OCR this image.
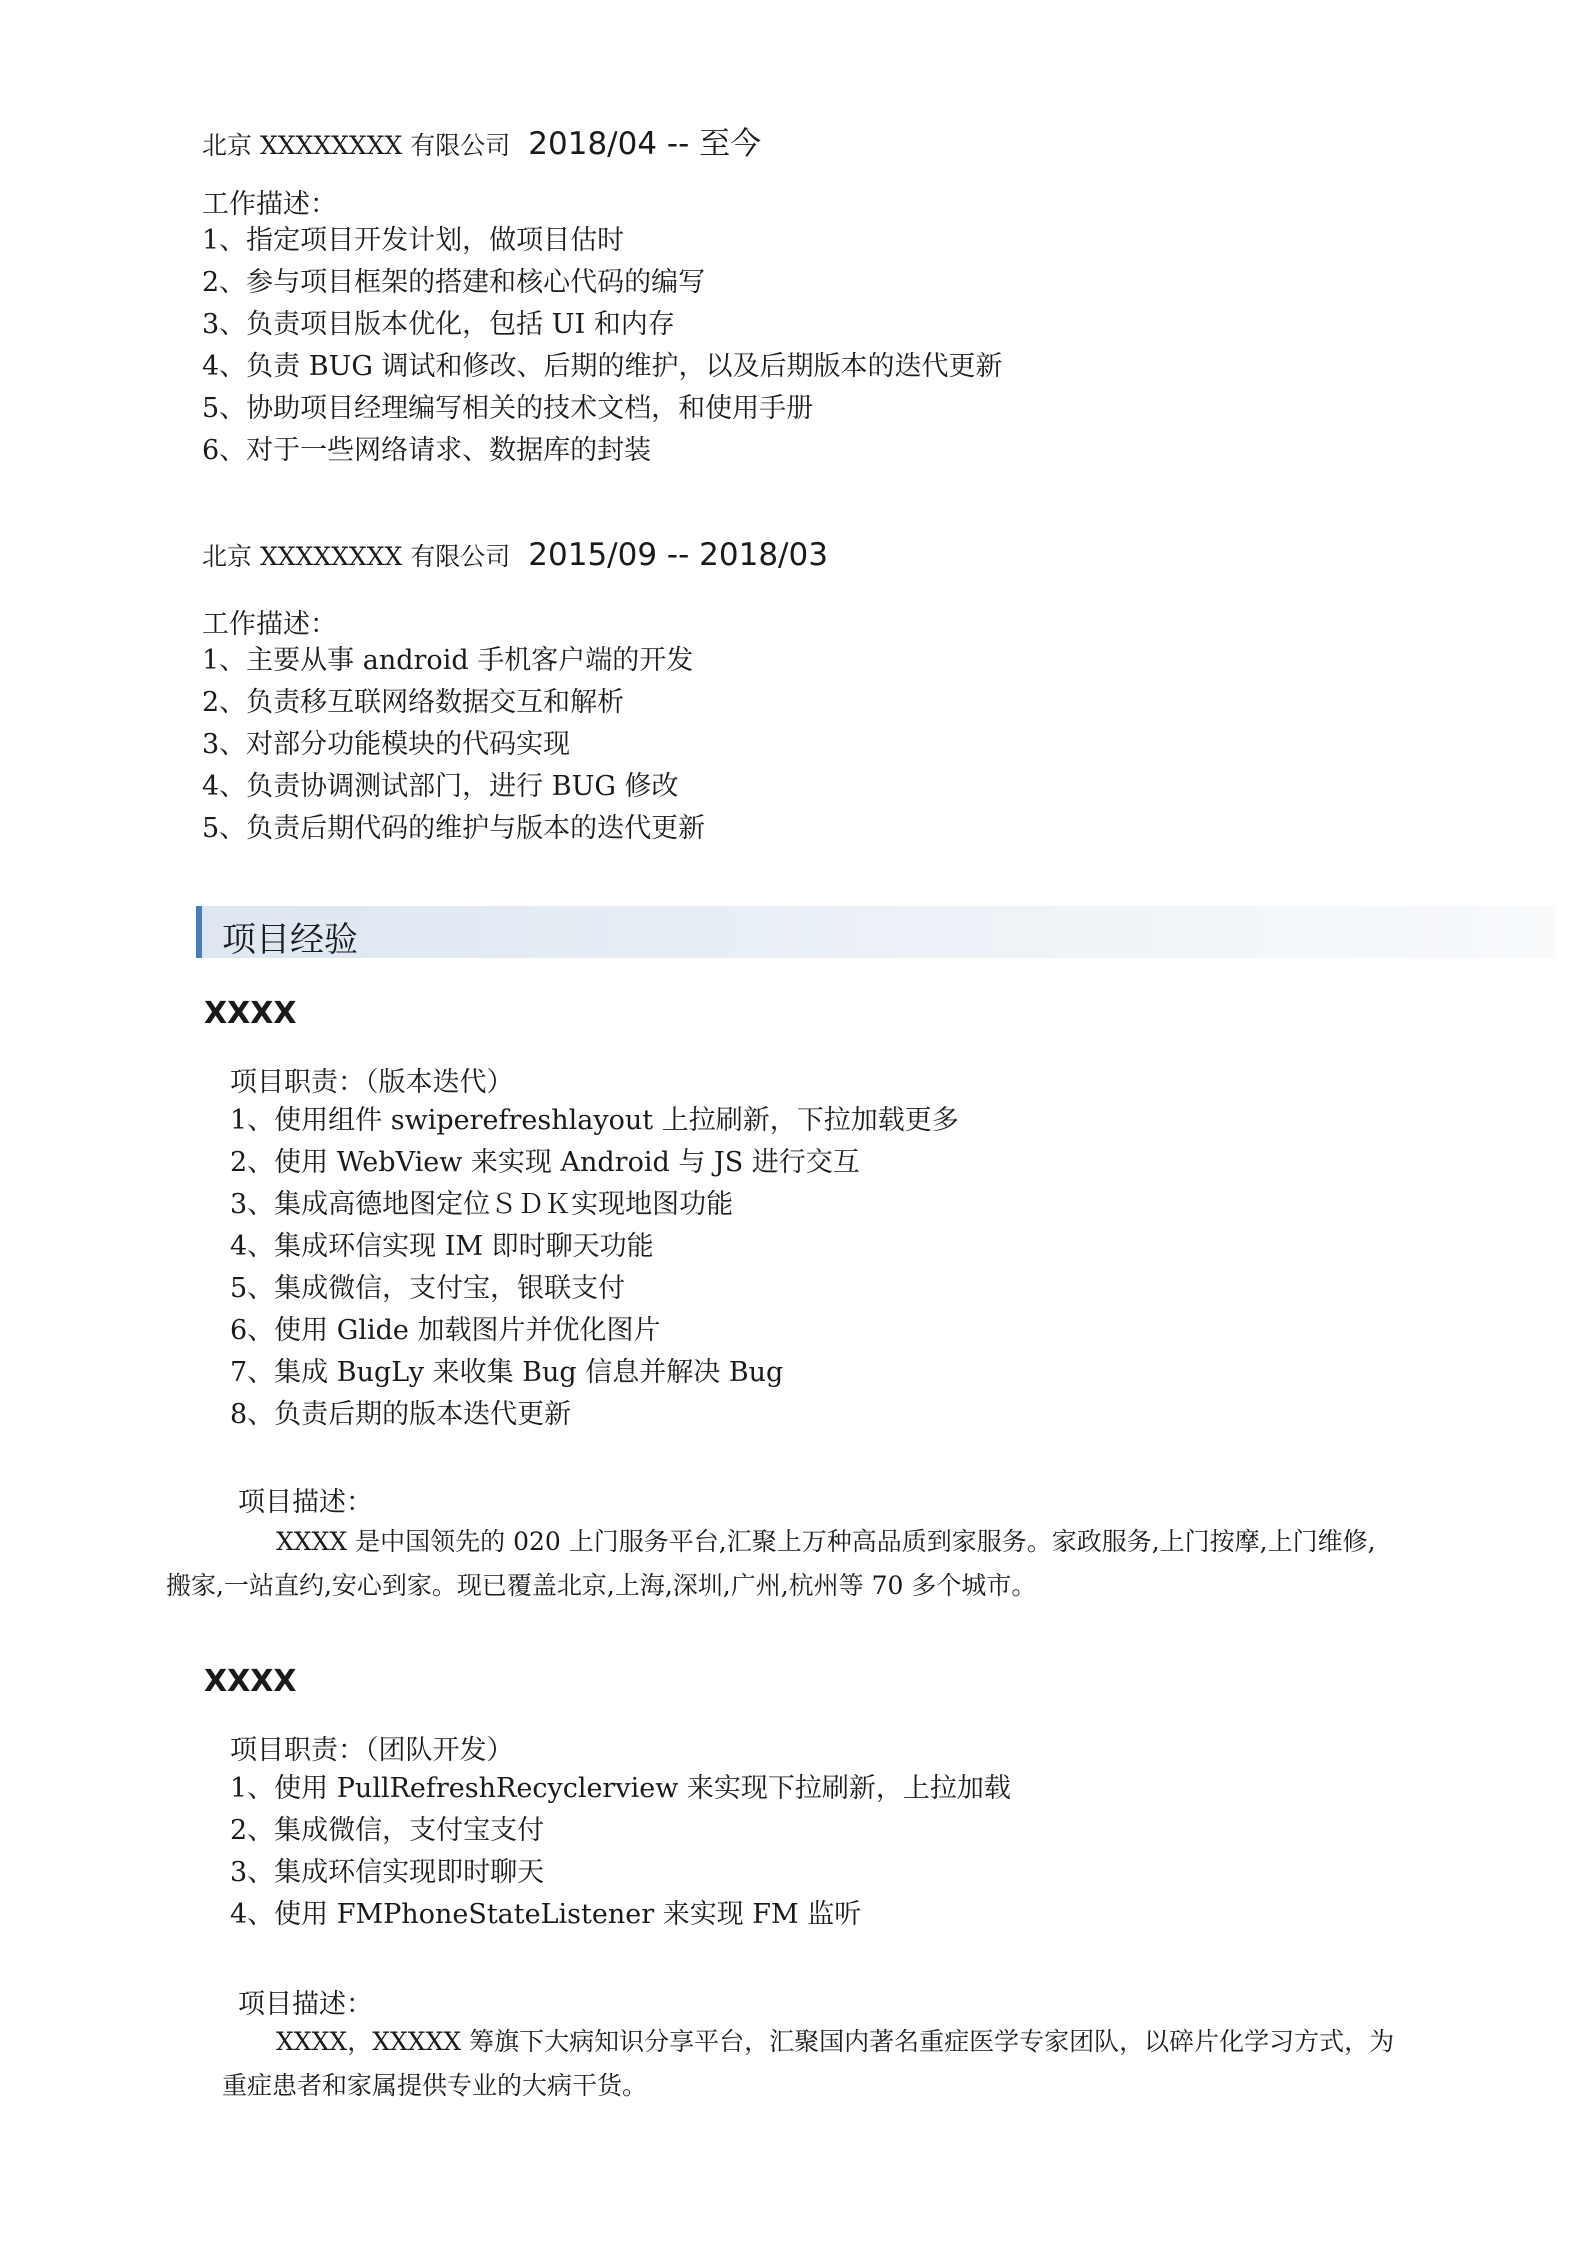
北京 XXXXXXXX 有限公司 2018/04 -- 至今
工作描述：
1、指定项目开发计划，做项目估时
2、参与项目框架的搭建和核心代码的编写
3、负责项目版本优化，包括 UI 和内存
4、负责 BUG 调试和修改、后期的维护，以及后期版本的迭代更新
5、协助项目经理编写相关的技术文档，和使用手册
6、对于一些网络请求、数据库的封装
北京 XXXXXXXX 有限公司 2015/09 -- 2018/03
工作描述：
1、主要从事 android 手机客户端的开发
2、负责移互联网络数据交互和解析
3、对部分功能模块的代码实现
4、负责协调测试部门，进行 BUG 修改
5、负责后期代码的维护与版本的迭代更新
项目经验
XXXX
项目职责：（版本迭代）
1、使用组件 swiperefreshlayout 上拉刷新，下拉加载更多
2、使用 WebView 来实现 Android 与 JS 进行交互
3、集成高德地图定位ＳＤＫ实现地图功能
4、集成环信实现 IM 即时聊天功能
5、集成微信，支付宝，银联支付
6、使用 Glide 加载图片并优化图片
7、集成 BugLy 来收集 Bug 信息并解决 Bug
8、负责后期的版本迭代更新
项目描述：
XXXX 是中国领先的 020 上门服务平台,汇聚上万种高品质到家服务。家政服务,上门按摩,上门维修,
搬家,一站直约,安心到家。现已覆盖北京,上海,深圳,广州,杭州等 70 多个城市。
XXXX
项目职责：（团队开发）
1、使用 PullRefreshRecyclerview 来实现下拉刷新，上拉加载
2、集成微信，支付宝支付
3、集成环信实现即时聊天
4、使用 FMPhoneStateListener 来实现 FM 监听
项目描述：
XXXX，XXXXX 筹旗下大病知识分享平台，汇聚国内著名重症医学专家团队，以碎片化学习方式，为
重症患者和家属提供专业的大病干货。
